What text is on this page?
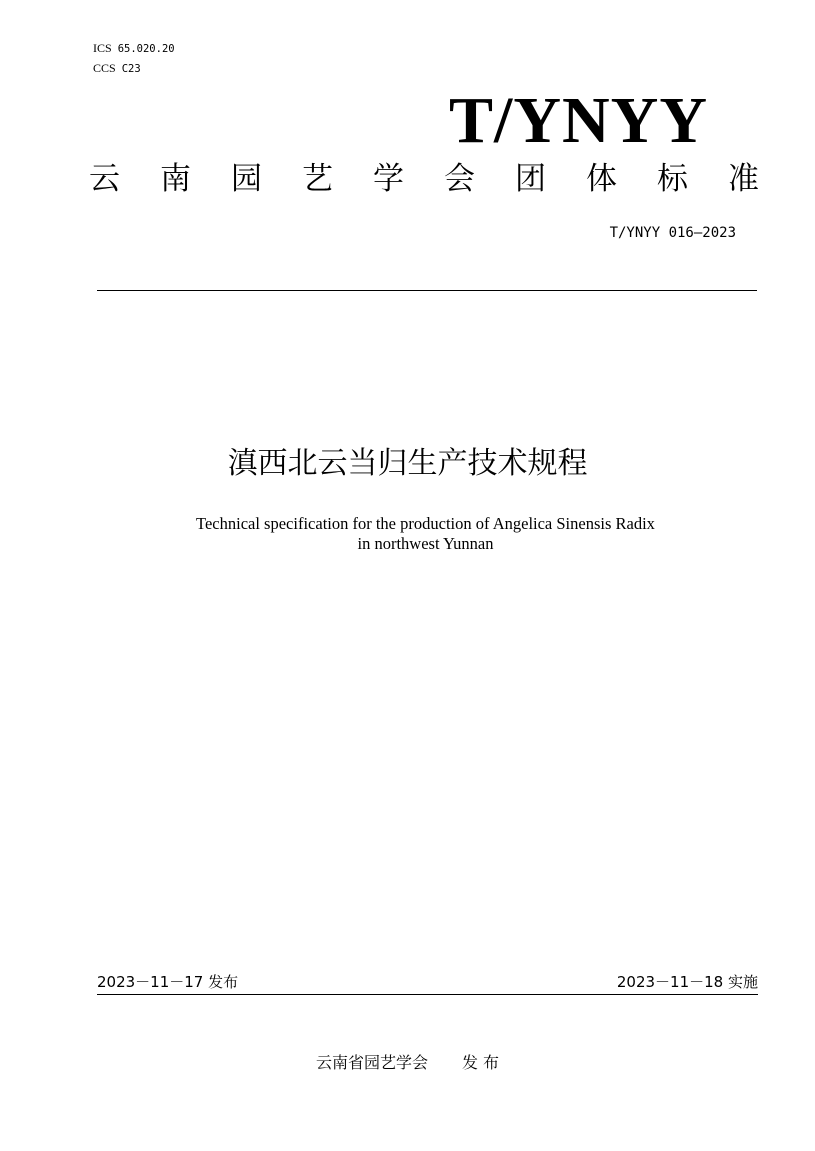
ICS 65.020.20
CCS C23
T/YNYY
云 南 园 艺 学 会 团 体 标 准
T/YNYY 016—2023
滇西北云当归生产技术规程
Technical specification for the production of Angelica Sinensis Radix
in northwest Yunnan
2023－11－17 发布	2023－11－18 实施
云南省园艺学会 发 布
